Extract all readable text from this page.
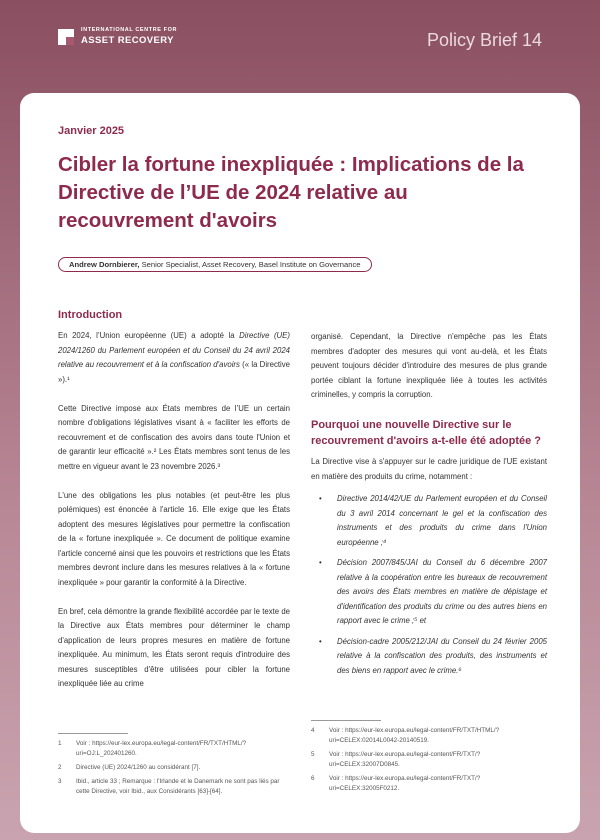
INTERNATIONAL CENTRE FOR
ASSET RECOVERY	Policy Brief 14
Janvier 2025
Cibler la fortune inexpliquée : Implications de la Directive de l’UE de 2024 relative au recouvrement d'avoirs
Andrew Dornbierer, Senior Specialist, Asset Recovery, Basel Institute on Governance
Introduction

En 2024, l’Union européenne (UE) a adopté la Directive (UE) 2024/1260 du Parlement européen et du Conseil du 24 avril 2024 relative au recouvrement et à la confiscation d'avoirs (« la Directive »).¹

Cette Directive impose aux États membres de l’UE un certain nombre d'obligations législatives visant à « faciliter les efforts de recouvrement et de confiscation des avoirs dans toute l'Union et de garantir leur efficacité ».² Les États membres sont tenus de les mettre en vigueur avant le 23 novembre 2026.³

L'une des obligations les plus notables (et peut-être les plus polémiques) est énoncée à l'article 16. Elle exige que les États adoptent des mesures législatives pour permettre la confiscation de la « fortune inexpliquée ». Ce document de politique examine l'article concerné ainsi que les pouvoirs et restrictions que les États membres devront inclure dans les mesures relatives à la « fortune inexpliquée » pour garantir la conformité à la Directive.

En bref, cela démontre la grande flexibilité accordée par le texte de la Directive aux États membres pour déterminer le champ d'application de leurs propres mesures en matière de fortune inexpliquée. Au minimum, les États seront requis d'introduire des mesures susceptibles d'être utilisées pour cibler la fortune inexpliquée liée au crime

organisé. Cependant, la Directive n'empêche pas les États membres d'adopter des mesures qui vont au-delà, et les États peuvent toujours décider d'introduire des mesures de plus grande portée ciblant la fortune inexpliquée liée à toutes les activités criminelles, y compris la corruption.

Pourquoi une nouvelle Directive sur le recouvrement d'avoirs a-t-elle été adoptée ?

La Directive vise à s'appuyer sur le cadre juridique de l'UE existant en matière des produits du crime, notamment :

• Directive 2014/42/UE du Parlement européen et du Conseil du 3 avril 2014 concernant le gel et la confiscation des instruments et des produits du crime dans l'Union européenne ;⁴
• Décision 2007/845/JAI du Conseil du 6 décembre 2007 relative à la coopération entre les bureaux de recouvrement des avoirs des États membres en matière de dépistage et d'identification des produits du crime ou des autres biens en rapport avec le crime ;⁵ et
• Décision-cadre 2005/212/JAI du Conseil du 24 février 2005 relative à la confiscation des produits, des instruments et des biens en rapport avec le crime.⁶
1	Voir : https://eur-lex.europa.eu/legal-content/FR/TXT/HTML/?uri=OJ:L_202401260.
2	Directive (UE) 2024/1260 au considérant [7].
3	Ibid., article 33 ; Remarque : l'Irlande et le Danemark ne sont pas liés par cette Directive, voir Ibid., aux Considérants [63]-[64].
4	Voir : https://eur-lex.europa.eu/legal-content/FR/TXT/HTML/?uri=CELEX:02014L0042-20140519.
5	Voir : https://eur-lex.europa.eu/legal-content/FR/TXT/?uri=CELEX:32007D0845.
6	Voir : https://eur-lex.europa.eu/legal-content/FR/TXT/?uri=CELEX:32005F0212.
